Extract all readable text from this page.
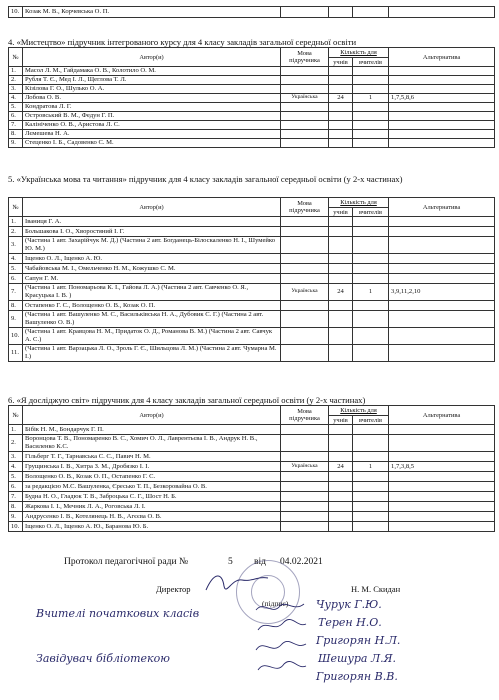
10.	Козак М. В., Корчевська О. П.				
4. «Мистецтво» підручник інтегрованого курсу для 4 класу закладів загальної середньої освіти
№	Автор(и)	Мова підручника	Кількість для		Альтернатива
			учнів	вчителів	
1.	Масол Л. М., Гайдамака О. В., Колотило О. М.				
2.	Рубля Т. Є., Мед І. Л., Щеглова Т. Л.				
3.	Кізілова Г. О., Шулько О. А.				
4.	Лобова О. В.	Українська	24	1	1,7,5,8,6
5.	Кондратова Л. Г.				
6.	Островський В. М., Федун Г. П.				
7.	Калініченко О. В., Аристова Л. С.				
8.	Лємешева Н. А.				
9.	Стеценко І. Б., Садовенко С. М.				
5. «Українська мова та читання» підручник для 4 класу закладів загальної середньої освіти (у 2-х частинах)
№	Автор(и)	Мова підручника	Кількість для		Альтернатива
			учнів	вчителів	
1.	Іваниця Г. А.				
2.	Большакова І. О., Хворостяний І. Г.				
3.	(Частина 1 авт. Захарійчук М. Д.) (Частина 2 авт. Богданець-Білоскаленко Н. І., Шумейко Ю. М.)				
4.	Іщенко О. Л., Іщенко А. Ю.				
5.	Чабайовська М. І., Омельченко Н. М., Кожушко С. М.				
6.	Сапун Г. М.				
7.	(Частина 1 авт. Пономарьова К. І., Гайова Л. А.) (Частина 2 авт. Савченко О. Я., Красуцька І. В. )	Українська	24	1	3,9,11,2,10
8.	Остапенко Г. С., Волощенко О. В., Козак О. П.				
9.	(Частина 1 авт. Вашуленко М. С., Васильківська Н. А., Дубовик С. Г.) (Частина 2 авт. Вашуленко О. В.)				
10.	(Частина 1 авт. Кравцова Н. М., Придаток О. Д., Романова В. М.) (Частина 2 авт. Савчук А. С.)				
11.	(Частина 1 авт. Варзацька Л. О., Зроль Г. Є., Шильцова Л. М.) (Частина 2 авт. Чумарна М. І.)				
6. «Я досліджую світ» підручник для 4 класу закладів загальної середньої освіти (у 2-х частинах)
№	Автор(и)	Мова підручника	Кількість для		Альтернатива
			учнів	вчителів	
1.	Бібік Н. М., Бондарчук Г. П.				
2.	Воронцова Т. В., Пономаренко В. С., Хомич О. Л., Лаврентьєва І. В., Андрук Н. В., Василенко К.С.				
3.	Гільберг Т. Г., Тарнавська С. С., Павич Н. М.				
4.	Грущинська І. В., Хитра З. М., Дробязко І. І.	Українська	24	1	1,7,3,8,5
5.	Волощенко О. В., Козак О. П., Остапенко Г. С.				
6.	за редакцією М.С. Вашуленка, Єресько Т. П., Безкоровайна О. В.				
7.	Будна Н. О., Гладюк Т. В., Заброцька С. Г., Шост Н. Б.				
8.	Жаркова І. І., Мечник Л. А., Роговська Л. І.				
9.	Андрусенко І. В., Котелянець Н. В., Агєєва О. В.				
10.	Іщенко О. Л., Іщенко А. Ю., Баранова Ю. Б.				
Протокол педагогічної ради №	5 від 04.02.2021
Директор
(підпис)
Н. М. Скидан
Вчителі початкових класів
Завідувач бібліотекою
Чурук Г.Ю.
Терен Н.О.
Григорян Н.Л.
Шешура Л.Я.
Григорян В.В.
